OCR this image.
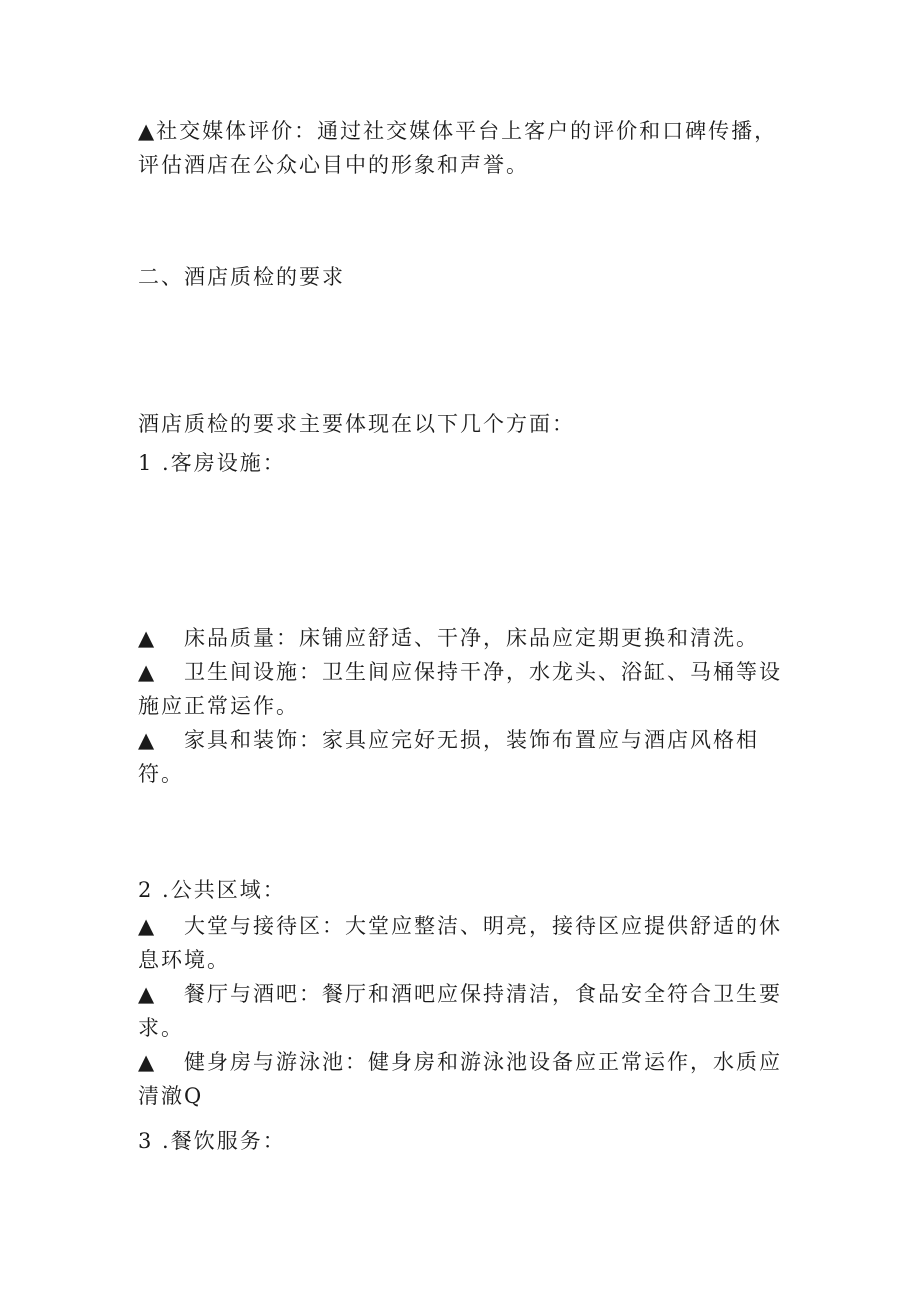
▲社交媒体评价：通过社交媒体平台上客户的评价和口碑传播，
评估酒店在公众心目中的形象和声誉。
二、酒店质检的要求
酒店质检的要求主要体现在以下几个方面：
1 .客房设施：
▲ 床品质量：床铺应舒适、干净，床品应定期更换和清洗。
▲ 卫生间设施：卫生间应保持干净，水龙头、浴缸、马桶等设
施应正常运作。
▲ 家具和装饰：家具应完好无损，装饰布置应与酒店风格相
符。
2 .公共区域：
▲ 大堂与接待区：大堂应整洁、明亮，接待区应提供舒适的休
息环境。
▲ 餐厅与酒吧：餐厅和酒吧应保持清洁，食品安全符合卫生要
求。
▲ 健身房与游泳池：健身房和游泳池设备应正常运作，水质应
清澈Q
3 .餐饮服务：
